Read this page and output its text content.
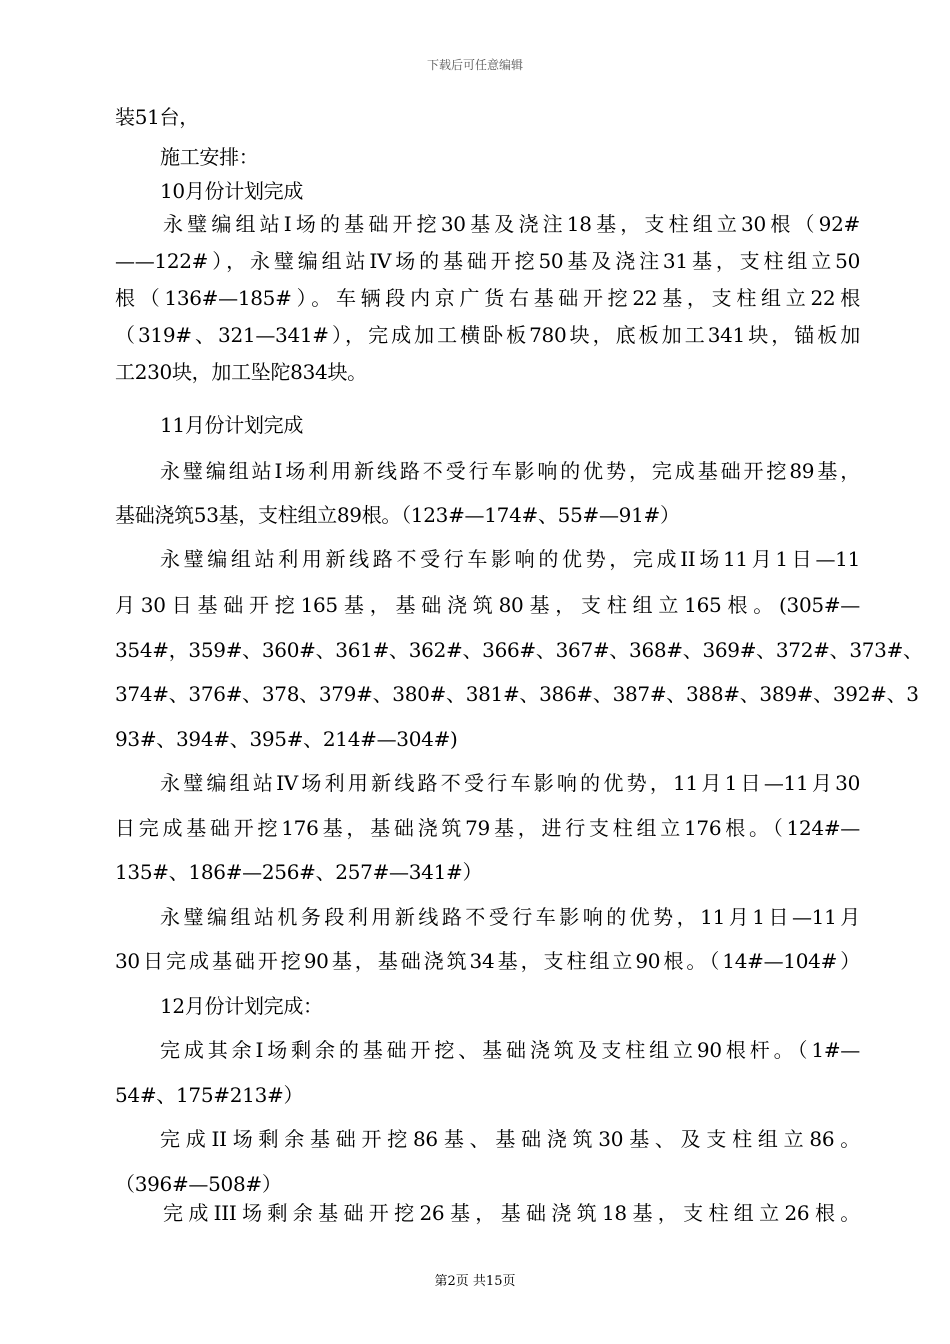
下载后可任意编辑
装51台，
施工安排：
10月份计划完成
永璧编组站I场的基础开挖30基及浇注18基，支柱组立30根（92#
——122#），永璧编组站IV场的基础开挖50基及浇注31基，支柱组立50
根（136#—185#）。车辆段内京广货右基础开挖22基，支柱组立22根
（319#、321—341#），完成加工横卧板780块，底板加工341块，锚板加
工230块，加工坠陀834块。
11月份计划完成
永璧编组站I场利用新线路不受行车影响的优势，完成基础开挖89基，
基础浇筑53基，支柱组立89根。（123#—174#、55#—91#）
永璧编组站利用新线路不受行车影响的优势，完成II场11月1日—11
月30日基础开挖165基，基础浇筑80基，支柱组立165根。(305#—
354#，359#、360#、361#、362#、366#、367#、368#、369#、372#、373#、
374#、376#、378、379#、380#、381#、386#、387#、388#、389#、392#、3
93#、394#、395#、214#—304#)
永璧编组站IV场利用新线路不受行车影响的优势，11月1日—11月30
日完成基础开挖176基，基础浇筑79基，进行支柱组立176根。（124#—
135#、186#—256#、257#—341#）
永璧编组站机务段利用新线路不受行车影响的优势，11月1日—11月
30日完成基础开挖90基，基础浇筑34基，支柱组立90根。（14#—104#）
12月份计划完成：
完成其余I场剩余的基础开挖、基础浇筑及支柱组立90根杆。（1#—
54#、175#213#）
完成II场剩余基础开挖86基、基础浇筑30基、及支柱组立86。
（396#—508#）
完成III场剩余基础开挖26基，基础浇筑18基，支柱组立26根。
第2页 共15页
